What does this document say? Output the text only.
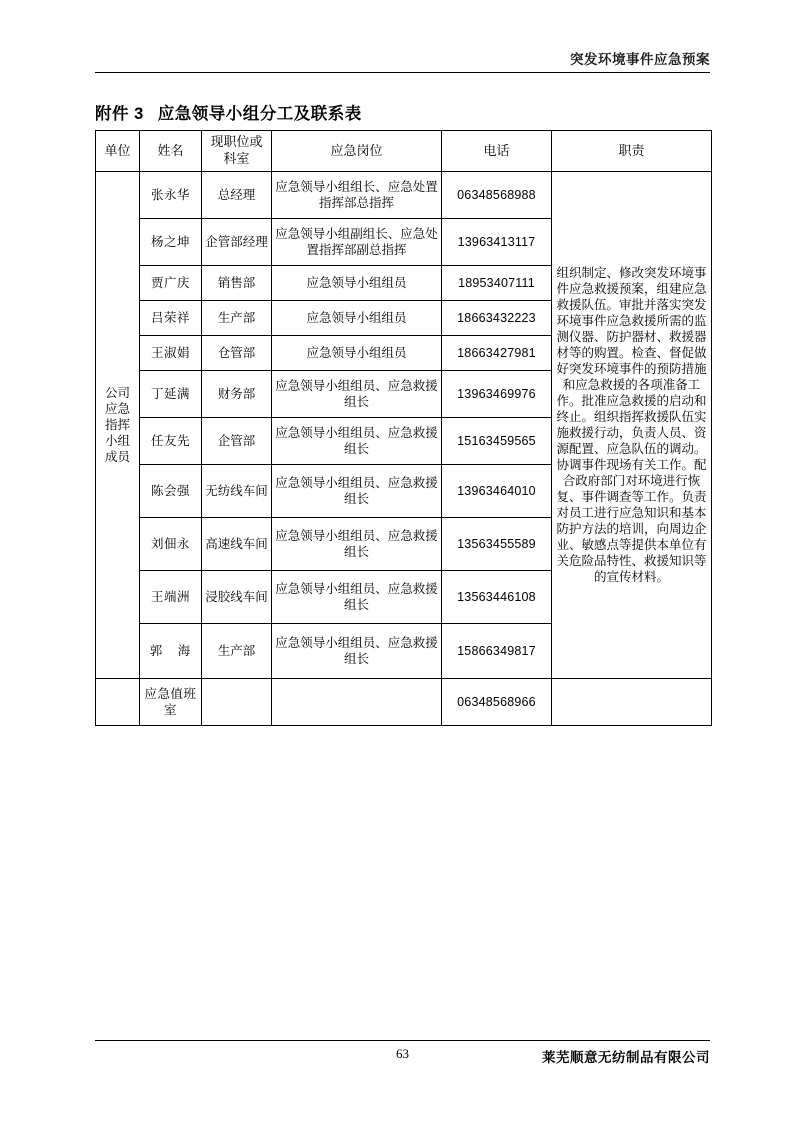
突发环境事件应急预案
附件 3 应急领导小组分工及联系表
单位	姓名	现职位或科室	应急岗位	电话	职责
公司应急指挥小组成员	张永华	总经理	应急领导小组组长、应急处置指挥部总指挥	06348568988	组织制定、修改突发环境事件应急救援预案，组建应急救援队伍。审批并落实突发环境事件应急救援所需的监测仪器、防护器材、救援器材等的购置。检查、督促做好突发环境事件的预防措施和应急救援的各项准备工作。批准应急救援的启动和终止。组织指挥救援队伍实施救援行动，负责人员、资源配置、应急队伍的调动。协调事件现场有关工作。配合政府部门对环境进行恢复、事件调查等工作。负责对员工进行应急知识和基本防护方法的培训，向周边企业、敏感点等提供本单位有关危险品特性、救援知识等的宣传材料。
	杨之坤	企管部经理	应急领导小组副组长、应急处置指挥部副总指挥	13963413117	
	贾广庆	销售部	应急领导小组组员	18953407111	
	吕荣祥	生产部	应急领导小组组员	18663432223	
	王淑娟	仓管部	应急领导小组组员	18663427981	
	丁延满	财务部	应急领导小组组员、应急救援组长	13963469976	
	任友先	企管部	应急领导小组组员、应急救援组长	15163459565	
	陈会强	无纺线车间	应急领导小组组员、应急救援组长	13963464010	
	刘佃永	高速线车间	应急领导小组组员、应急救援组长	13563455589	
	王端洲	浸胶线车间	应急领导小组组员、应急救援组长	13563446108	
	郭 海	生产部	应急领导小组组员、应急救援组长	15866349817	
	应急值班室			06348568966	
63	莱芜顺意无纺制品有限公司
